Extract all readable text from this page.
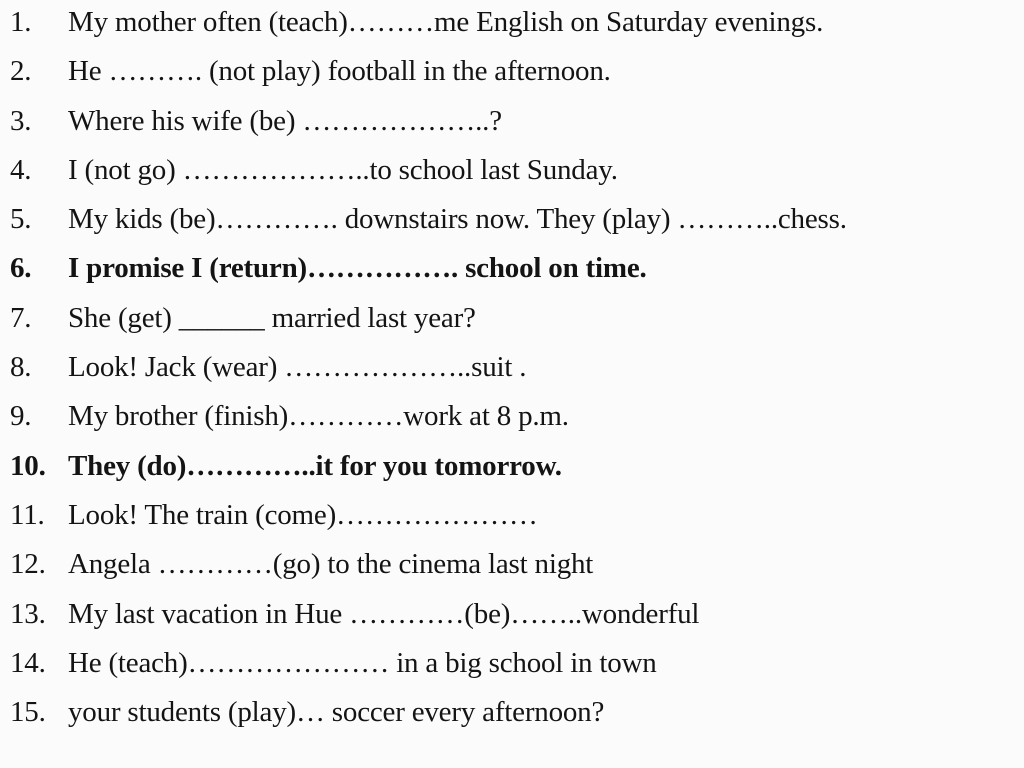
1.	My mother often (teach)………me English on Saturday evenings.
2.	He ………. (not play) football in the afternoon.
3.	Where his wife (be) ………………..?
4.	I (not go) ………………..to school last Sunday.
5.	My kids (be)…………. downstairs now. They (play) ………..chess.
6.	I promise I (return)……………. school on time.
7.	She (get) ______ married last year?
8.	Look! Jack (wear) ………………..suit .
9.	My brother (finish)…………work at 8 p.m.
10. They (do)…………..it for you tomorrow.
11. Look! The train (come)…………………
12. Angela …………(go) to the cinema last night
13. My last vacation in Hue …………(be)……..wonderful
14. He (teach)………………… in a big school in town
15. your students (play)… soccer every afternoon?
